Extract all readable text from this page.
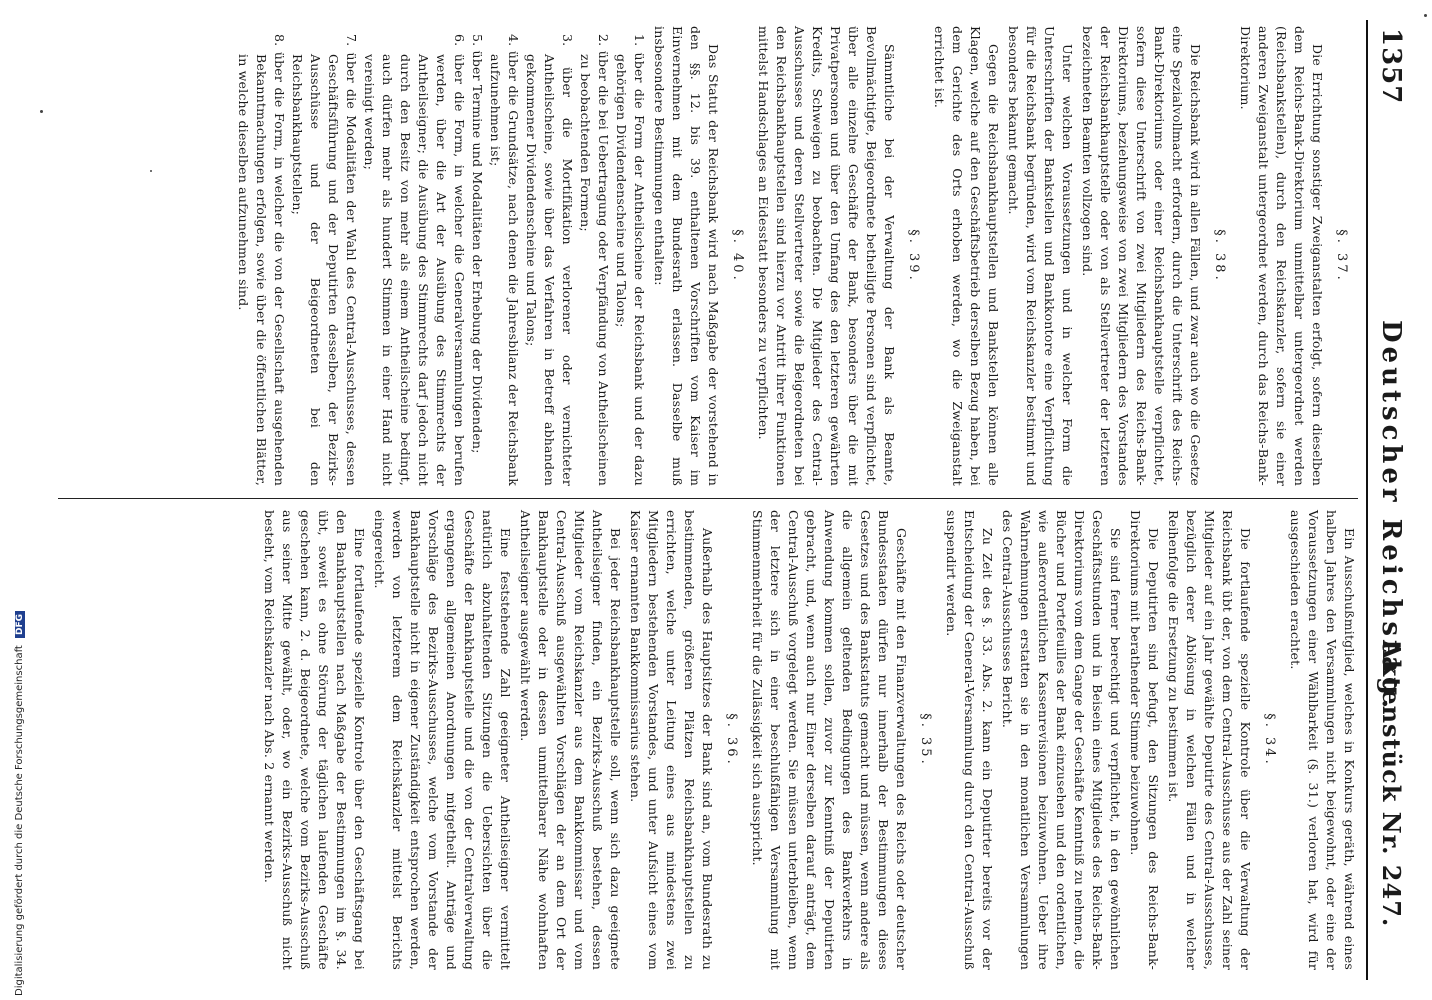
Digitalisierung gefördert durch die Deutsche Forschungsgemeinschaft DFG
1357
Deutscher Reichstag.
Aktenstück Nr. 247.
§. 37.

Die Errichtung sonstiger Zweiganstalten erfolgt, sofern dieselben dem Reichs-Bank-Direktorium unmittelbar untergeordnet werden (Reichsbankstellen), durch den Reichskanzler, sofern sie einer anderen Zweiganstalt untergeordnet werden, durch das Reichs-Bank-Direktorium.

§. 38.

Die Reichsbank wird in allen Fällen, und zwar auch wo die Gesetze eine Spezialvollmacht erfordern, durch die Unterschrift des Reichs-Bank-Direktoriums oder einer Reichsbankhauptstelle verpflichtet, sofern diese Unterschrift von zwei Mitgliedern des Reichs-Bank-Direktoriums, beziehungsweise von zwei Mitgliedern des Vorstandes der Reichsbankhauptstelle oder von als Stellvertreter der letzteren bezeichneten Beamten vollzogen sind.

Unter welchen Voraussetzungen und in welcher Form die Unterschriften der Bankstellen und Bankkontore eine Verpflichtung für die Reichsbank begründen, wird vom Reichskanzler bestimmt und besonders bekannt gemacht.

Gegen die Reichsbankhauptstellen und Bankstellen können alle Klagen, welche auf den Geschäftsbetrieb derselben Bezug haben, bei dem Gerichte des Orts erhoben werden, wo die Zweiganstalt errichtet ist.

§. 39.

Sämmtliche bei der Verwaltung der Bank als Beamte, Bevollmächtigte, Beigeordnete betheiligte Personen sind verpflichtet, über alle einzelne Geschäfte der Bank, besonders über die mit Privatpersonen und über den Umfang des den letzteren gewährten Kredits, Schweigen zu beobachten. Die Mitglieder des Central-Ausschusses und deren Stellvertreter sowie die Beigeordneten bei den Reichsbankhauptstellen sind hierzu vor Antritt ihrer Funktionen mittelst Handschlages an Eidesstatt besonders zu verpflichten.

§. 40.

Das Statut der Reichsbank wird nach Maßgabe der vorstehend in den §§. 12. bis 39. enthaltenen Vorschriften vom Kaiser im Einvernehmen mit dem Bundesrath erlassen. Dasselbe muß insbesondere Bestimmungen enthalten:

1. über die Form der Antheilscheine der Reichsbank und der dazu gehörigen Dividendenscheine und Talons;

2. über die bei Uebertragung oder Verpfändung von Antheilscheinen zu beobachtenden Formen;

3. über die Mortifikation verlorener oder vernichteter Antheilscheine, sowie über das Verfahren in Betreff abhanden gekommener Dividendenscheine und Talons;

4. über die Grundsätze, nach denen die Jahresbilanz der Reichsbank aufzunehmen ist;

5. über Termine und Modalitäten der Erhebung der Dividenden;

6. über die Form, in welcher die Generalversammlungen berufen werden, über die Art der Ausübung des Stimmrechts der Antheilseigner; die Ausübung des Stimmrechts darf jedoch nicht durch den Besitz von mehr als einem Antheilscheine bedingt, auch dürfen mehr als hundert Stimmen in einer Hand nicht vereinigt werden;

7. über die Modalitäten der Wahl des Central-Ausschusses, dessen Geschäftsführung und der Deputirten desselben, der Bezirks-Ausschüsse und der Beigeordneten bei den Reichsbankhauptstellen;

8. über die Form, in welcher die von der Gesellschaft ausgehenden Bekanntmachungen erfolgen, sowie über die öffentlichen Blätter, in welche dieselben aufzunehmen sind.

Ein Ausschußmitglied, welches in Konkurs geräth, während eines halben Jahres den Versammlungen nicht beigewohnt, oder eine der Voraussetzungen einer Wählbarkeit (§. 31.) verloren hat, wird für ausgeschieden erachtet.

§. 34.

Die fortlaufende spezielle Kontrole über die Verwaltung der Reichsbank übt der, von dem Central-Ausschusse aus der Zahl seiner Mitglieder auf ein Jahr gewählte Deputirte des Central-Ausschusses, bezüglich derer Ablösung in welchen Fällen und in welcher Reihenfolge die Ersetzung zu bestimmen ist.

Die Deputirten sind befugt, den Sitzungen des Reichs-Bank-Direktoriums mit berathender Stimme beizuwohnen.

Sie sind ferner berechtigt und verpflichtet, in den gewöhnlichen Geschäftsstunden und in Beisein eines Mitgliedes des Reichs-Bank-Direktoriums vom dem Gange der Geschäfte Kenntniß zu nehmen, die Bücher und Portefeuilles der Bank einzusehen und den ordentlichen, wie außerordentlichen Kassenrevisionen beizuwohnen. Ueber ihre Wahrnehmungen erstatten sie in den monatlichen Versammlungen des Central-Ausschusses Bericht.

Zu Zeit des §. 33. Abs. 2. kann ein Deputirter bereits vor der Entscheidung der General-Versammlung durch den Central-Ausschuß suspendirt werden.

§. 35.

Geschäfte mit den Finanzverwaltungen des Reichs oder deutscher Bundesstaaten dürfen nur innerhalb der Bestimmungen dieses Gesetzes und des Bankstatuts gemacht und müssen, wenn andere als die allgemein geltenden Bedingungen des Bankverkehrs in Anwendung kommen sollen, zuvor zur Kenntniß der Deputirten gebracht, und, wenn auch nur Einer derselben darauf anträgt, dem Central-Ausschuß vorgelegt werden. Sie müssen unterbleiben, wenn der letztere sich in einer beschlußfähigen Versammlung mit Stimmenmehrheit für die Zulässigkeit sich ausspricht.

§. 36.

Außerhalb des Hauptsitzes der Bank sind an, vom Bundesrath zu bestimmenden, größeren Plätzen Reichsbankhauptstellen zu errichten, welche unter Leitung eines aus mindestens zwei Mitgliedern bestehenden Vorstandes, und unter Aufsicht eines vom Kaiser ernannten Bankkommissarius stehen.

Bei jeder Reichsbankhauptstelle soll, wenn sich dazu geeignete Antheilseigner finden, ein Bezirks-Ausschuß bestehen, dessen Mitglieder vom Reichskanzler aus dem Bankkommissar und vom Central-Ausschuß ausgewählten Vorschlägen der an dem Ort der Bankhauptstelle oder in dessen unmittelbarer Nähe wohnhaften Antheilseigner ausgewählt werden.

Eine feststehende Zahl geeigneter Antheilseigner vermittelt natürlich abzuhaltenden Sitzungen die Uebersichten über die Geschäfte der Bankhauptstelle und die von der Centralverwaltung ergangenen allgemeinen Anordnungen mitgetheilt. Anträge und Vorschläge des Bezirks-Ausschusses, welche vom Vorstande der Bankhauptstelle nicht in eigener Zuständigkeit entsprochen werden, werden von letzterem dem Reichskanzler mittelst Berichts eingereicht.

Eine fortlaufende spezielle Kontrole über den Geschäftsgang bei den Bankhauptstellen nach Maßgabe der Bestimmungen im §. 34. übt, soweit es ohne Störung der täglichen laufenden Geschäfte geschehen kann, 2. d. Beigeordnete, welche vom Bezirks-Ausschuß aus seiner Mitte gewählt, oder, wo ein Bezirks-Ausschuß nicht besteht, vom Reichskanzler nach Abs. 2 ernannt werden.
